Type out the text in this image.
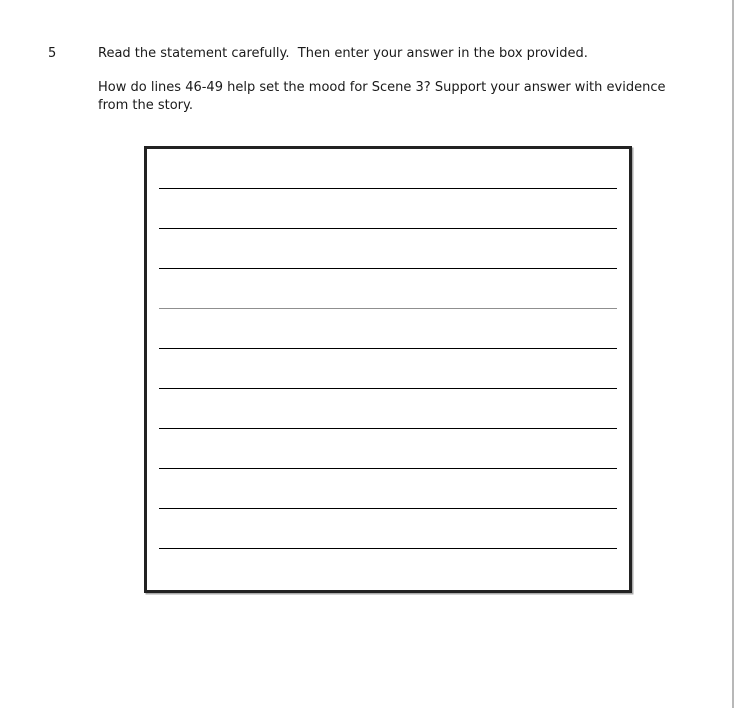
5	Read the statement carefully.  Then enter your answer in the box provided.

How do lines 46-49 help set the mood for Scene 3? Support your answer with evidence from the story.
